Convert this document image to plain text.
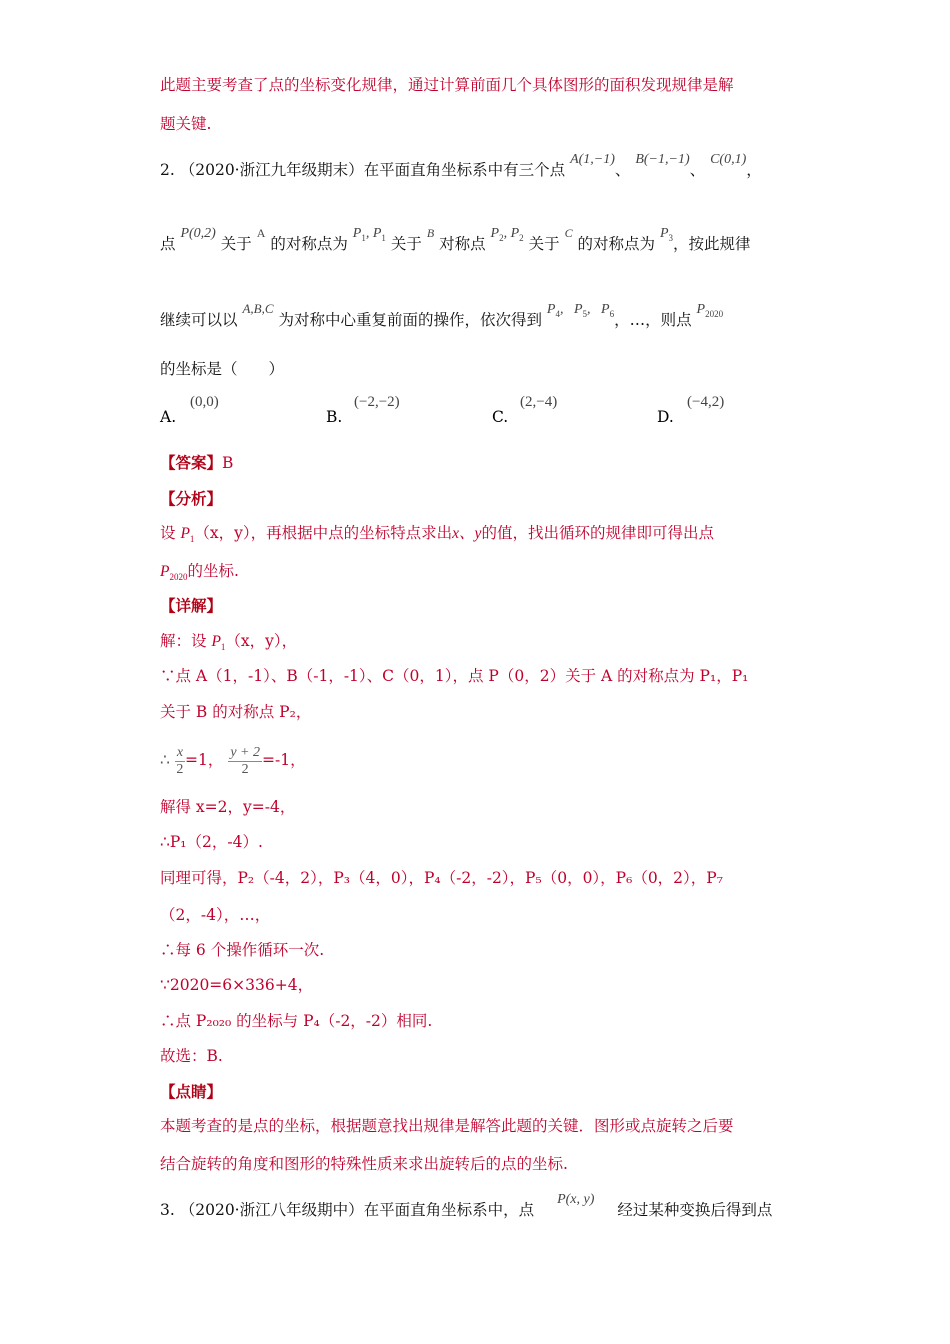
此题主要考查了点的坐标变化规律，通过计算前面几个具体图形的面积发现规律是解
题关键.
2. （2020·浙江九年级期末）在平面直角坐标系中有三个点 A(1,−1)、 B(−1,−1)、 C(0,1)，
点 P(0,2) 关于 $^A$ 的对称点为 $P_1$, $P_1$ 关于 $^B$ 对称点 $P_2$, $P_2$ 关于 $^C$ 的对称点为 $P_3$，按此规律
继续可以以 $^{A,B,C}$ 为对称中心重复前面的操作，依次得到 $P_4$,   $P_5$,   $P_6$，…，则点 $P_{2020}$
的坐标是（　　）
A.
(0,0)
B.
(−2,−2)
C.
(2,−4)
D.
(−4,2)
【答案】B
【分析】
设 $P_1(x$，y），再根据中点的坐标特点求出x、y的值，找出循环的规律即可得出点
$P_{2020}$的坐标.
【详解】
解：设 $P_1(x$，y），
∵点 A（1，-1）、B（-1，-1）、C（0，1），点 P（0，2）关于 A 的对称点为 P₁，P₁
关于 B 的对称点 P₂，
∴ $\frac{x}{2} =1$， $\frac{y + 2}{2} =-1$，
解得 x=2，y=-4，
∴P₁（2，-4）.
同理可得，P₂（-4，2），P₃（4，0），P₄（-2，-2），P₅（0，0），P₆（0，2），P₇
（2，-4），…，
∴每 6 个操作循环一次.
∵2020=6×336+4，
∴点 P₂₀₂₀ 的坐标与 P₄（-2，-2）相同.
故选：B.
【点睛】
本题考查的是点的坐标，根据题意找出规律是解答此题的关键．图形或点旋转之后要
结合旋转的角度和图形的特殊性质来求出旋转后的点的坐标.
3. （2020·浙江八年级期中）在平面直角坐标系中，点 P(x, y) 经过某种变换后得到点
